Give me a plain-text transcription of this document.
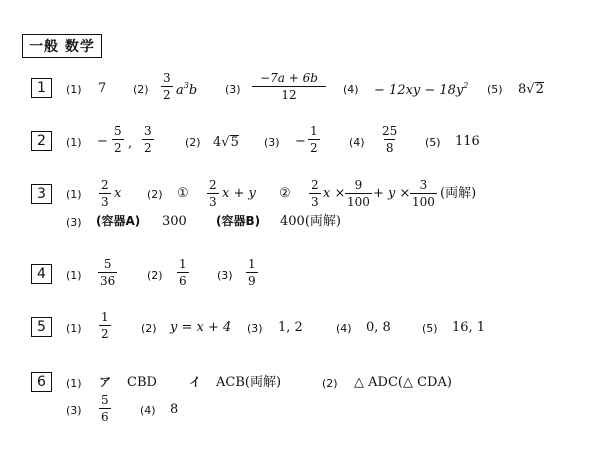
一般 数学
1	(1) 7 $(2) \frac{3}{2} a^3b$	$(3) \frac{-7a + 6b}{12} (4) - 12xy - 18y^2$ (5) 8√2
2	$(1) - \frac{5}{2}$ , $\frac{3}{2}$	(2) 4√5 $(3) - \frac{1}{2}$	$(4) \frac{25}{8} (5)$ 116
3	$(1) \frac{2}{3}$ x (2) ① $\frac{2}{3}$ x + y ② $\frac{2}{3}$ $x \times \frac{9}{100} + y \times \frac{3}{100}$ (両解)
(3) (容器A) 300 (容器B) 400(両解)
4	$(1) \frac{5}{36}$	$(2) \frac{1}{6}$	$(3) \frac{1}{9}$
5	$(1) \frac{1}{2}$	(2) y = x + 4 (3) 1, 2	(4) 0, 8	(5) 16, 1
6	(1) ア CBD	イ ACB(両解)	(2) △ ADC(△ CDA)
$(3) \frac{5}{6}$	(4) 8
